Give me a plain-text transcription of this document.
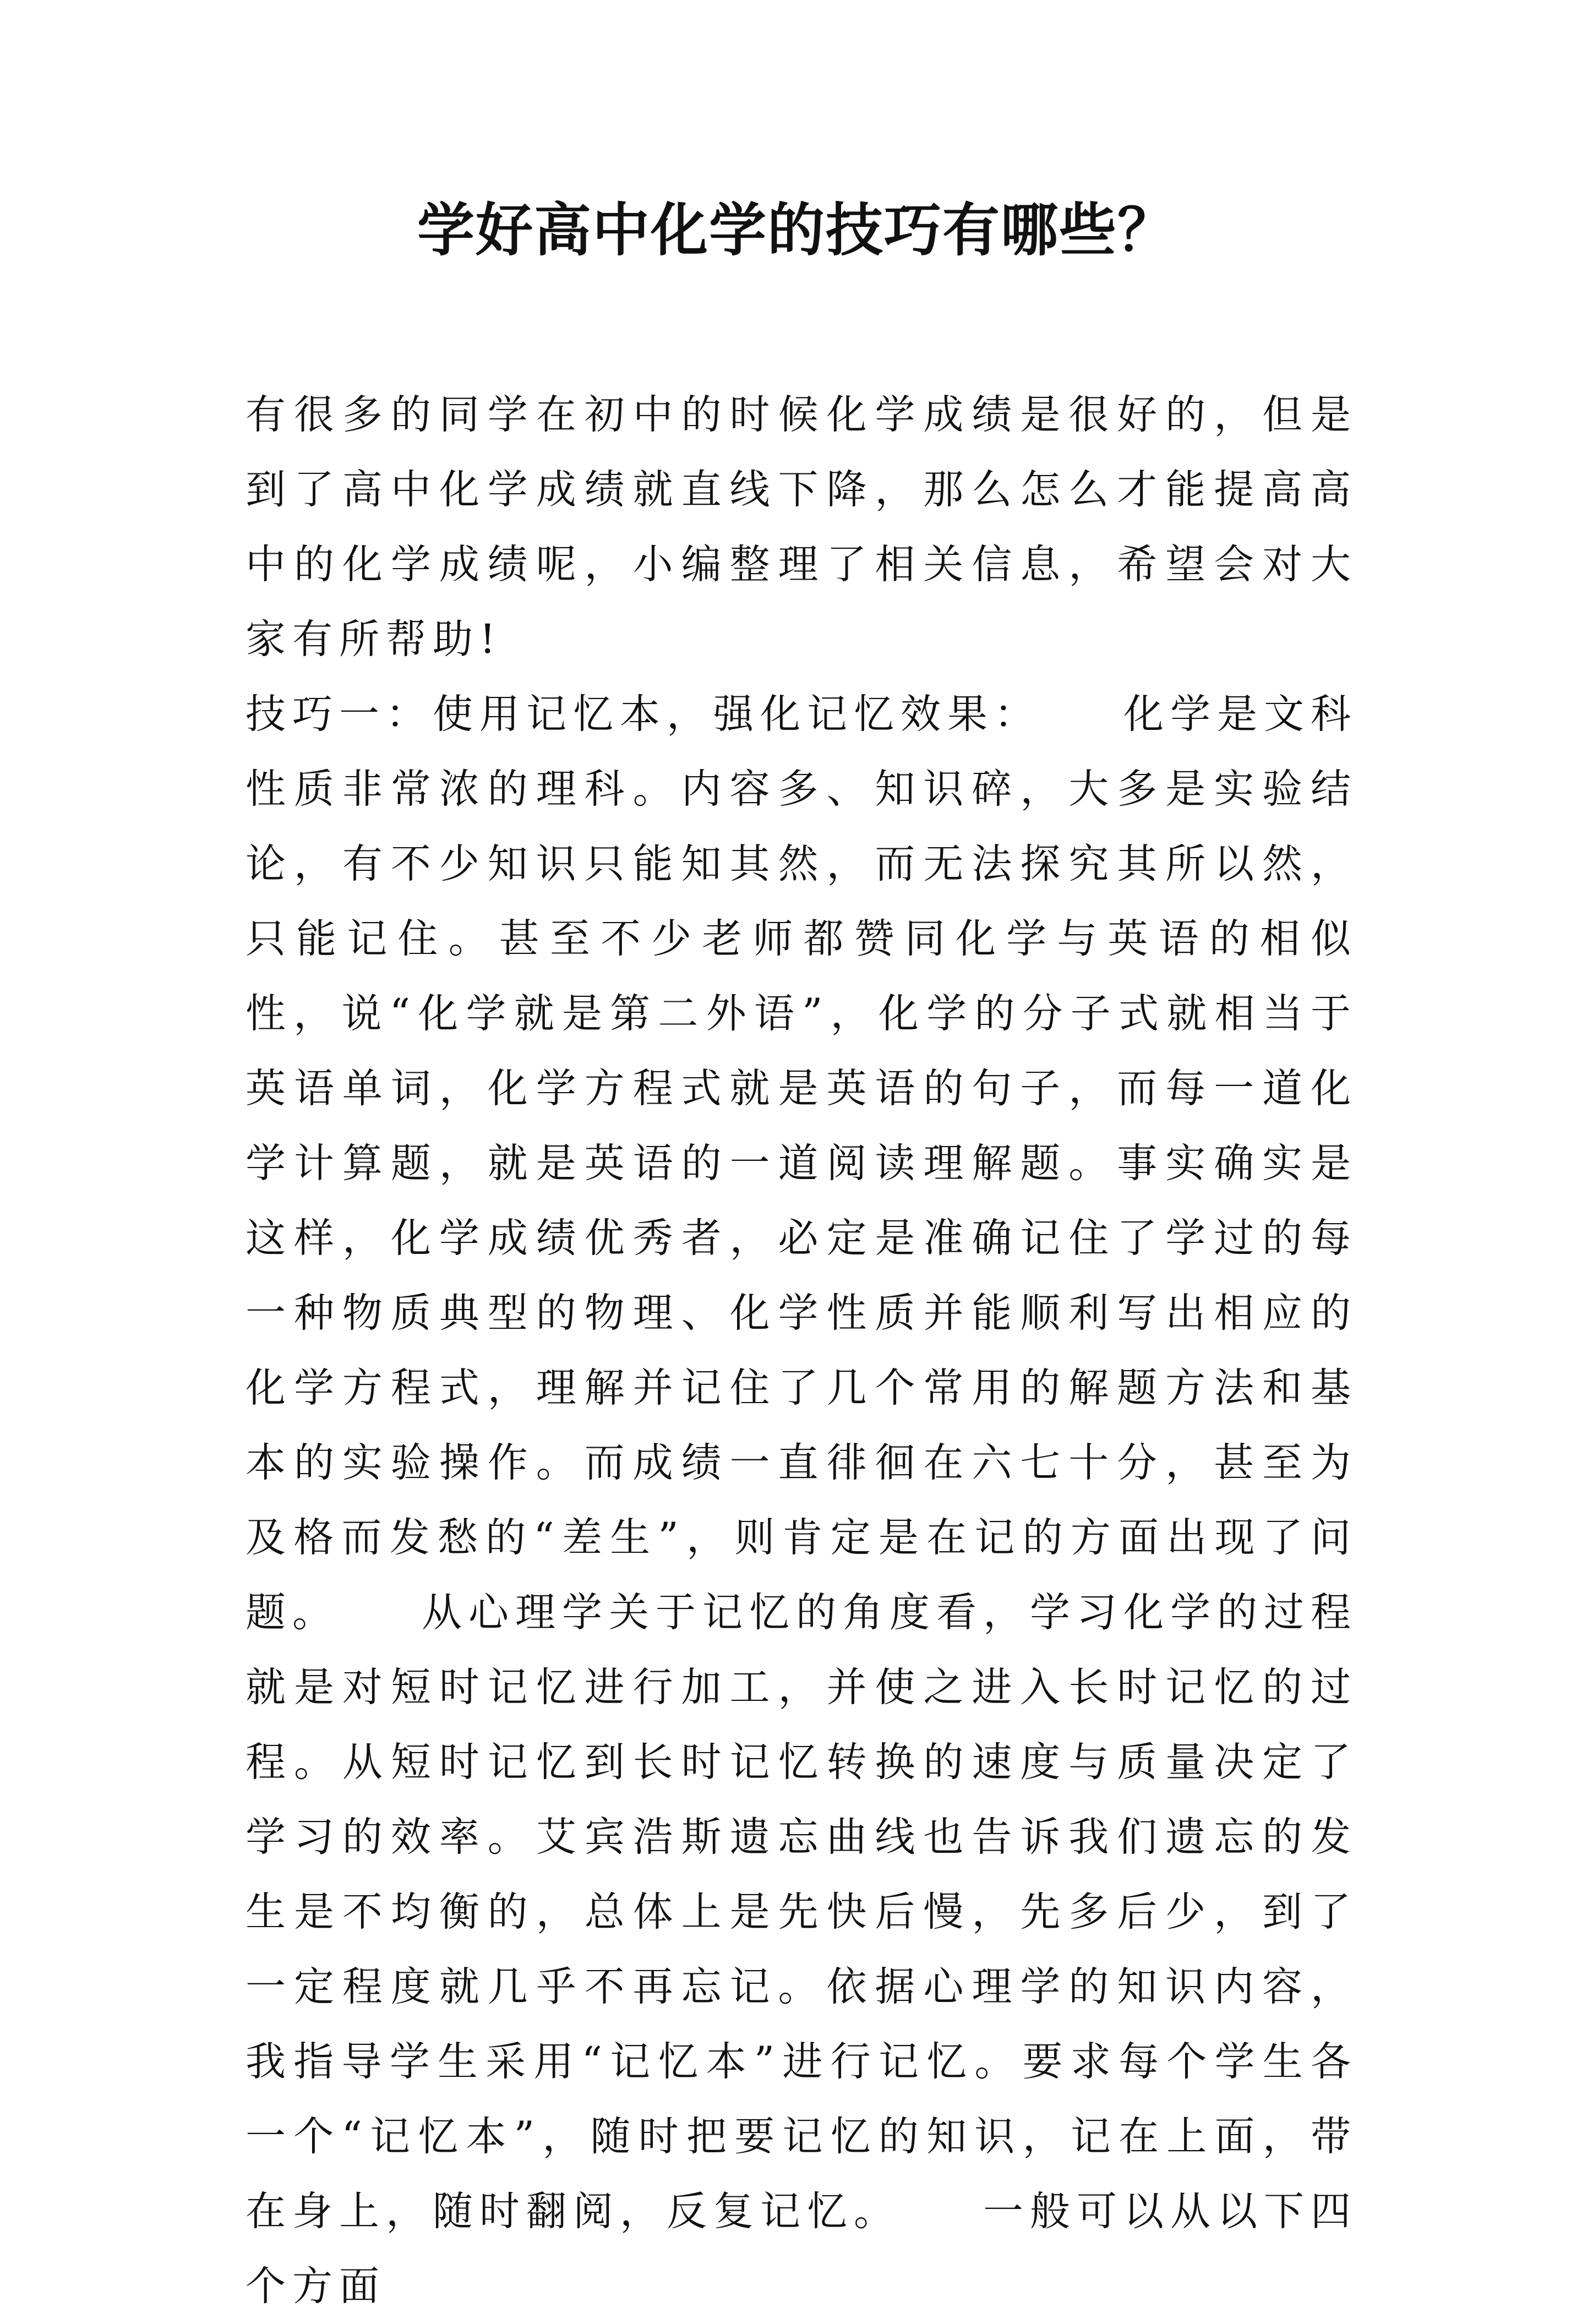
学好高中化学的技巧有哪些？

有很多的同学在初中的时候化学成绩是很好的，但是到了高中化学成绩就直线下降，那么怎么才能提高高中的化学成绩呢，小编整理了相关信息，希望会对大家有所帮助!

技巧一：使用记忆本，强化记忆效果： 化学是文科性质非常浓的理科。内容多、知识碎，大多是实验结论，有不少知识只能知其然，而无法探究其所以然，只能记住。甚至不少老师都赞同化学与英语的相似性，说“化学就是第二外语”，化学的分子式就相当于英语单词，化学方程式就是英语的句子，而每一道化学计算题，就是英语的一道阅读理解题。事实确实是这样，化学成绩优秀者，必定是准确记住了学过的每一种物质典型的物理、化学性质并能顺利写出相应的化学方程式，理解并记住了几个常用的解题方法和基本的实验操作。而成绩一直徘徊在六七十分，甚至为及格而发愁的“差生”，则肯定是在记的方面出现了问题。 从心理学关于记忆的角度看，学习化学的过程就是对短时记忆进行加工，并使之进入长时记忆的过程。从短时记忆到长时记忆转换的速度与质量决定了学习的效率。艾宾浩斯遗忘曲线也告诉我们遗忘的发生是不均衡的，总体上是先快后慢，先多后少，到了一定程度就几乎不再忘记。依据心理学的知识内容，我指导学生采用“记忆本”进行记忆。要求每个学生各一个“记忆本”，随时把要记忆的知识，记在上面，带在身上，随时翻阅，反复记忆。 一般可以从以下四个方面
